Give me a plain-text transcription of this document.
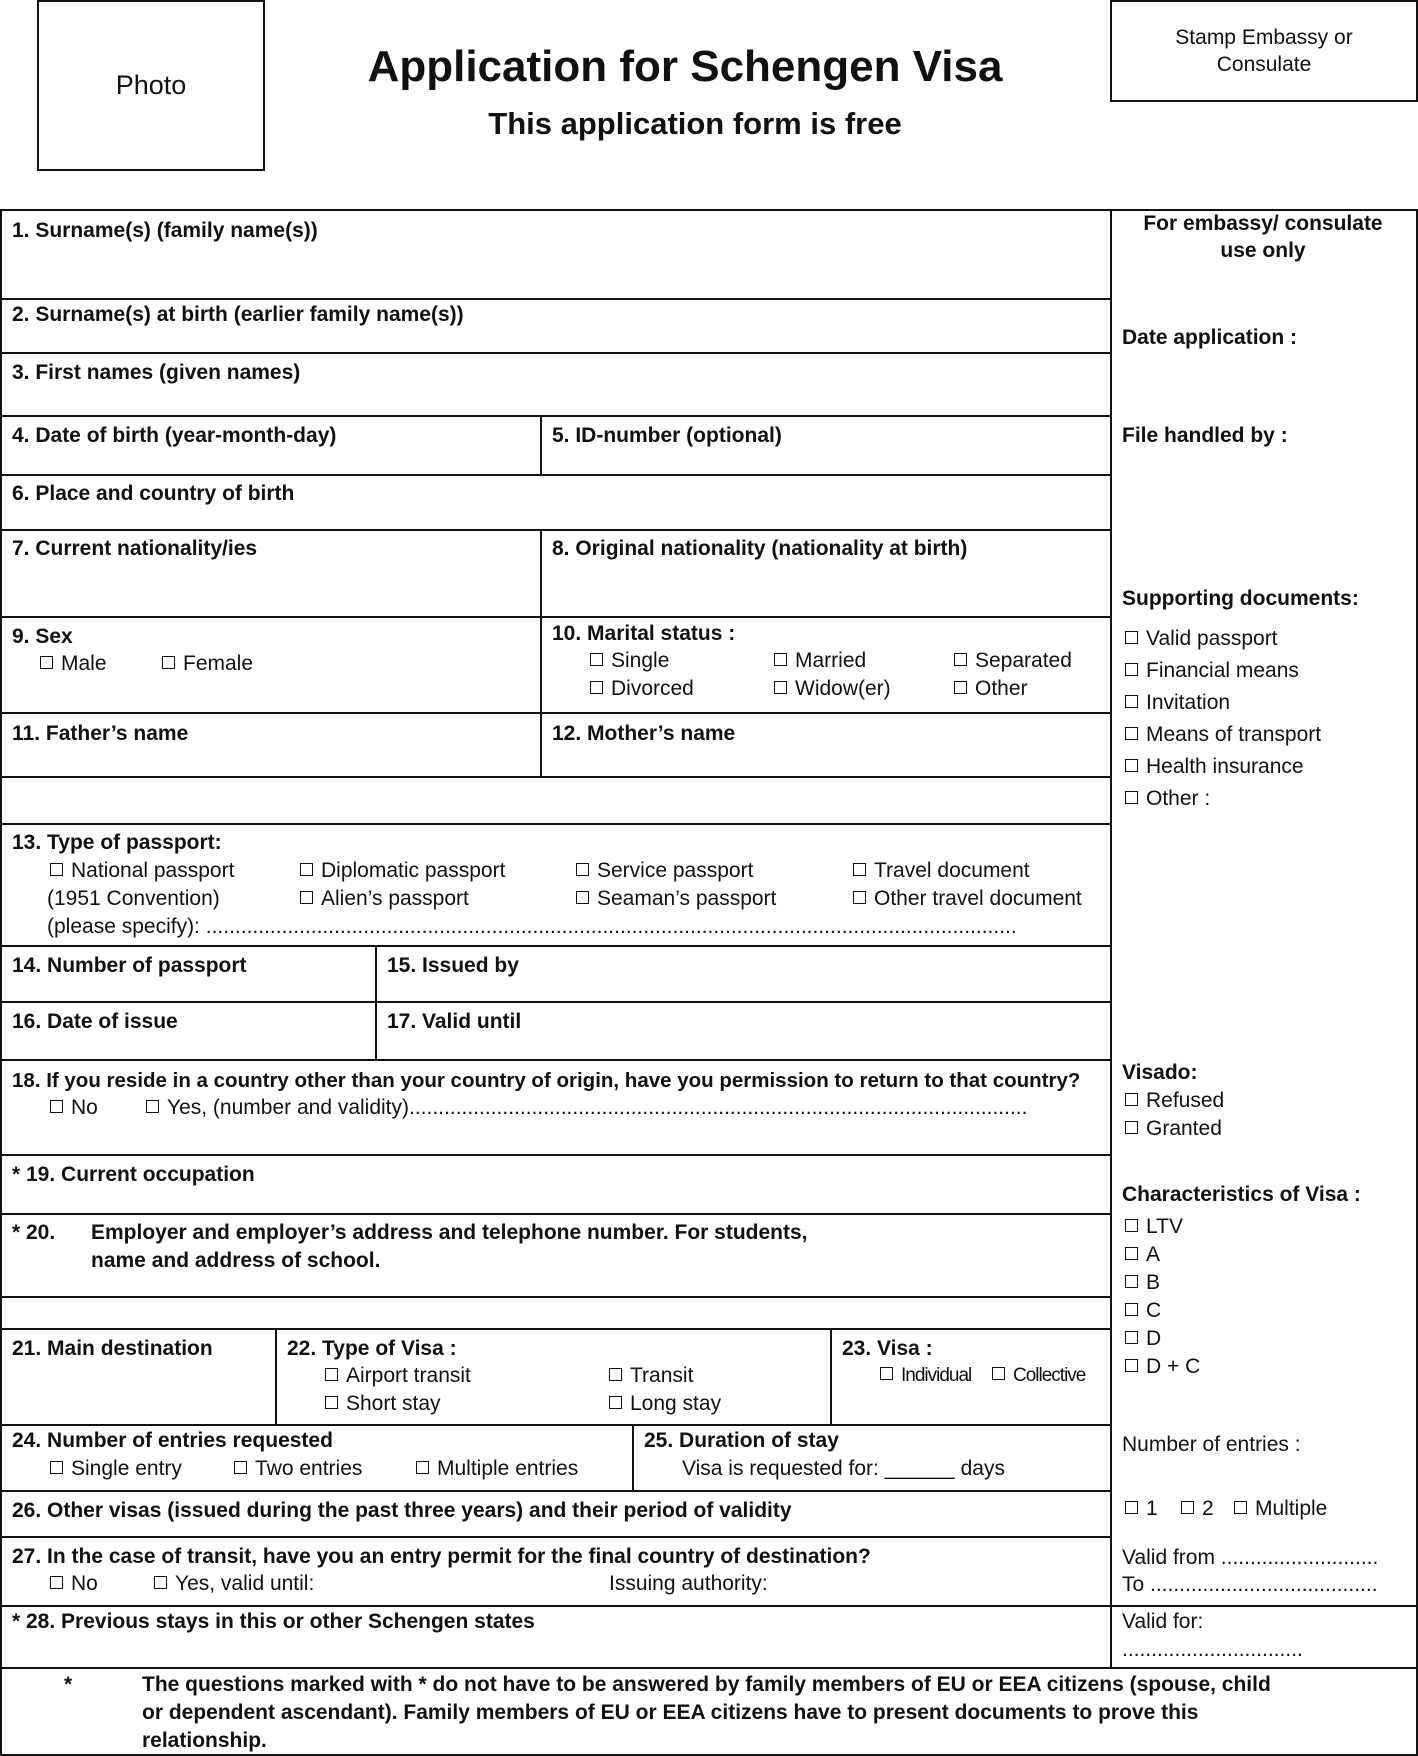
Photo	Application for Schengen Visa
This application form is free
Stamp Embassy or Consulate
1. Surname(s) (family name(s))
2. Surname(s) at birth (earlier family name(s))
3. First names (given names)
4. Date of birth (year-month-day)	5. ID-number (optional)
6. Place and country of birth
7. Current nationality/ies	8. Original nationality (nationality at birth)
9. Sex
Male	Female
10. Marital status :
Single	Married	Separated
Divorced	Widow(er)	Other
11. Father’s name	12. Mother’s name
13. Type of passport:
National passport	Diplomatic passport	Service passport	Travel document
(1951 Convention)	Alien’s passport	Seaman’s passport	Other travel document
(please specify): ...........................................................................................................................................
14. Number of passport	15. Issued by
16. Date of issue	17. Valid until
18. If you reside in a country other than your country of origin, have you permission to return to that country?
No	Yes, (number and validity)..........................................................................................................
* 19. Current occupation
* 20. Employer and employer’s address and telephone number. For students,
name and address of school.
21. Main destination	22. Type of Visa :
Airport transit	Transit
Short stay	Long stay
23. Visa :
Individual	Collective
24. Number of entries requested
Single entry	Two entries	Multiple entries
25. Duration of stay
Visa is requested for: ______ days
26. Other visas (issued during the past three years) and their period of validity
27. In the case of transit, have you an entry permit for the final country of destination?
No	Yes, valid until:	Issuing authority:
* 28. Previous stays in this or other Schengen states
For embassy/ consulate use only
Date application :
File handled by :
Supporting documents:
Valid passport
Financial means
Invitation
Means of transport
Health insurance
Other :
Visado:
Refused
Granted
Characteristics of Visa :
LTV
A
B
C
D
D + C
Number of entries :
1	2	Multiple
Valid from ...........................
To .......................................
Valid for:
...............................
*	The questions marked with * do not have to be answered by family members of EU or EEA citizens (spouse, child
or dependent ascendant). Family members of EU or EEA citizens have to present documents to prove this
relationship.
